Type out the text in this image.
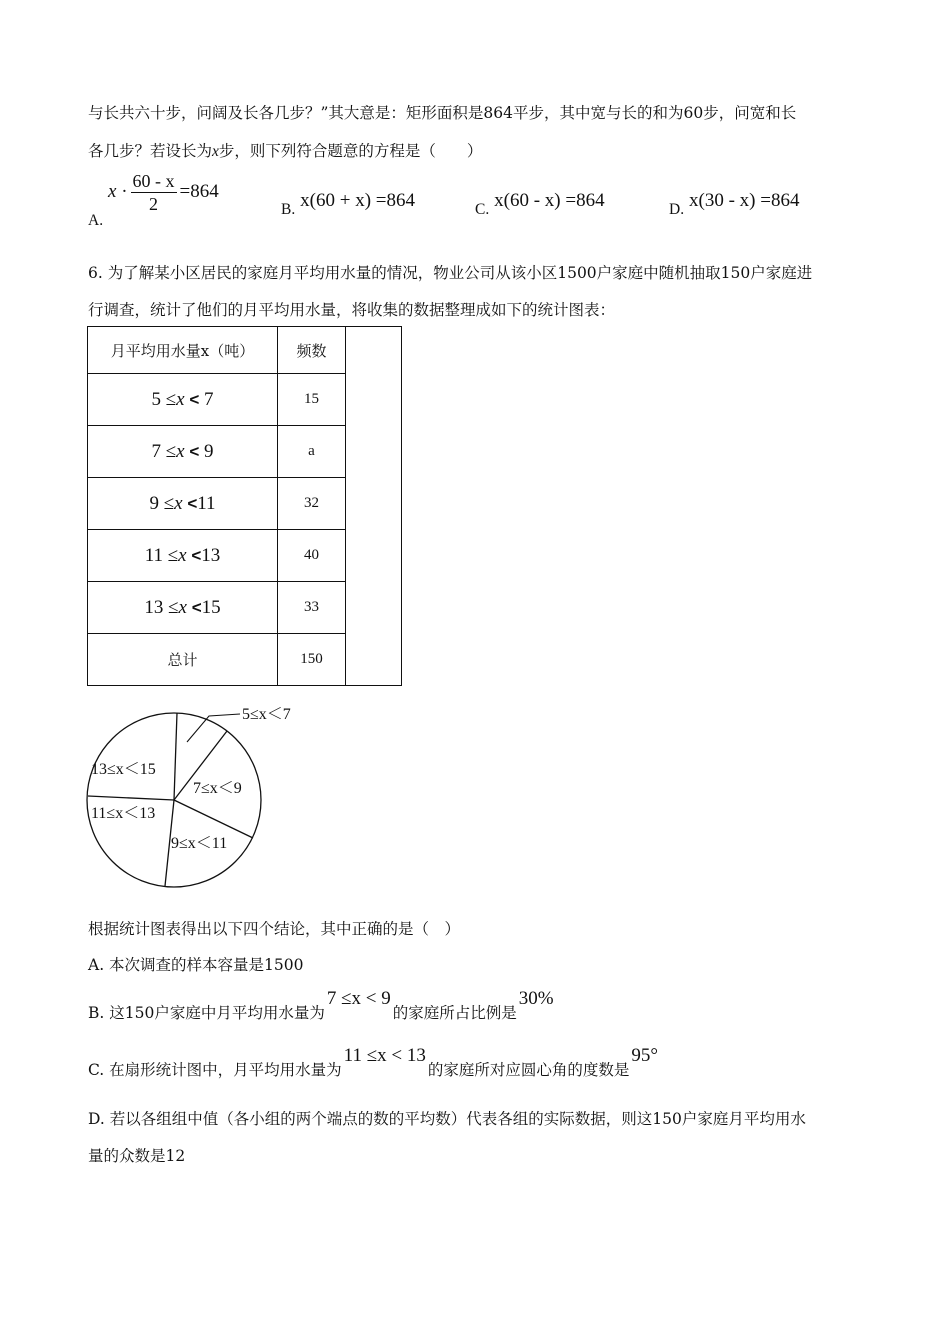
与长共六十步，问阔及长各几步？”其大意是：矩形面积是864平步，其中宽与长的和为60步，问宽和长
各几步？若设长为x步，则下列符合题意的方程是（　　）
A. $x \cdot \frac{60 - x}{2} =864$
B. x(60 + x) =864	C. x(60 - x) =864	D. x(30 - x) =864
6. 为了解某小区居民的家庭月平均用水量的情况，物业公司从该小区1500户家庭中随机抽取150户家庭进
行调查，统计了他们的月平均用水量，将收集的数据整理成如下的统计图表：
月平均用水量x（吨）	频数	
5 ≤x < 7	15	
7 ≤x < 9	a	
9 ≤x <11	32	
11 ≤x <13	40	
13 ≤x <15	33	
总计	150	
5≤x＜7
7≤x＜9
9≤x＜11
11≤x＜13
13≤x＜15
根据统计图表得出以下四个结论，其中正确的是（　）
A. 本次调查的样本容量是1500
B. 这150户家庭中月平均用水量为7 ≤x < 9的家庭所占比例是30%
C. 在扇形统计图中，月平均用水量为11 ≤x < 13的家庭所对应圆心角的度数是95°
D. 若以各组组中值（各小组的两个端点的数的平均数）代表各组的实际数据，则这150户家庭月平均用水
量的众数是12
